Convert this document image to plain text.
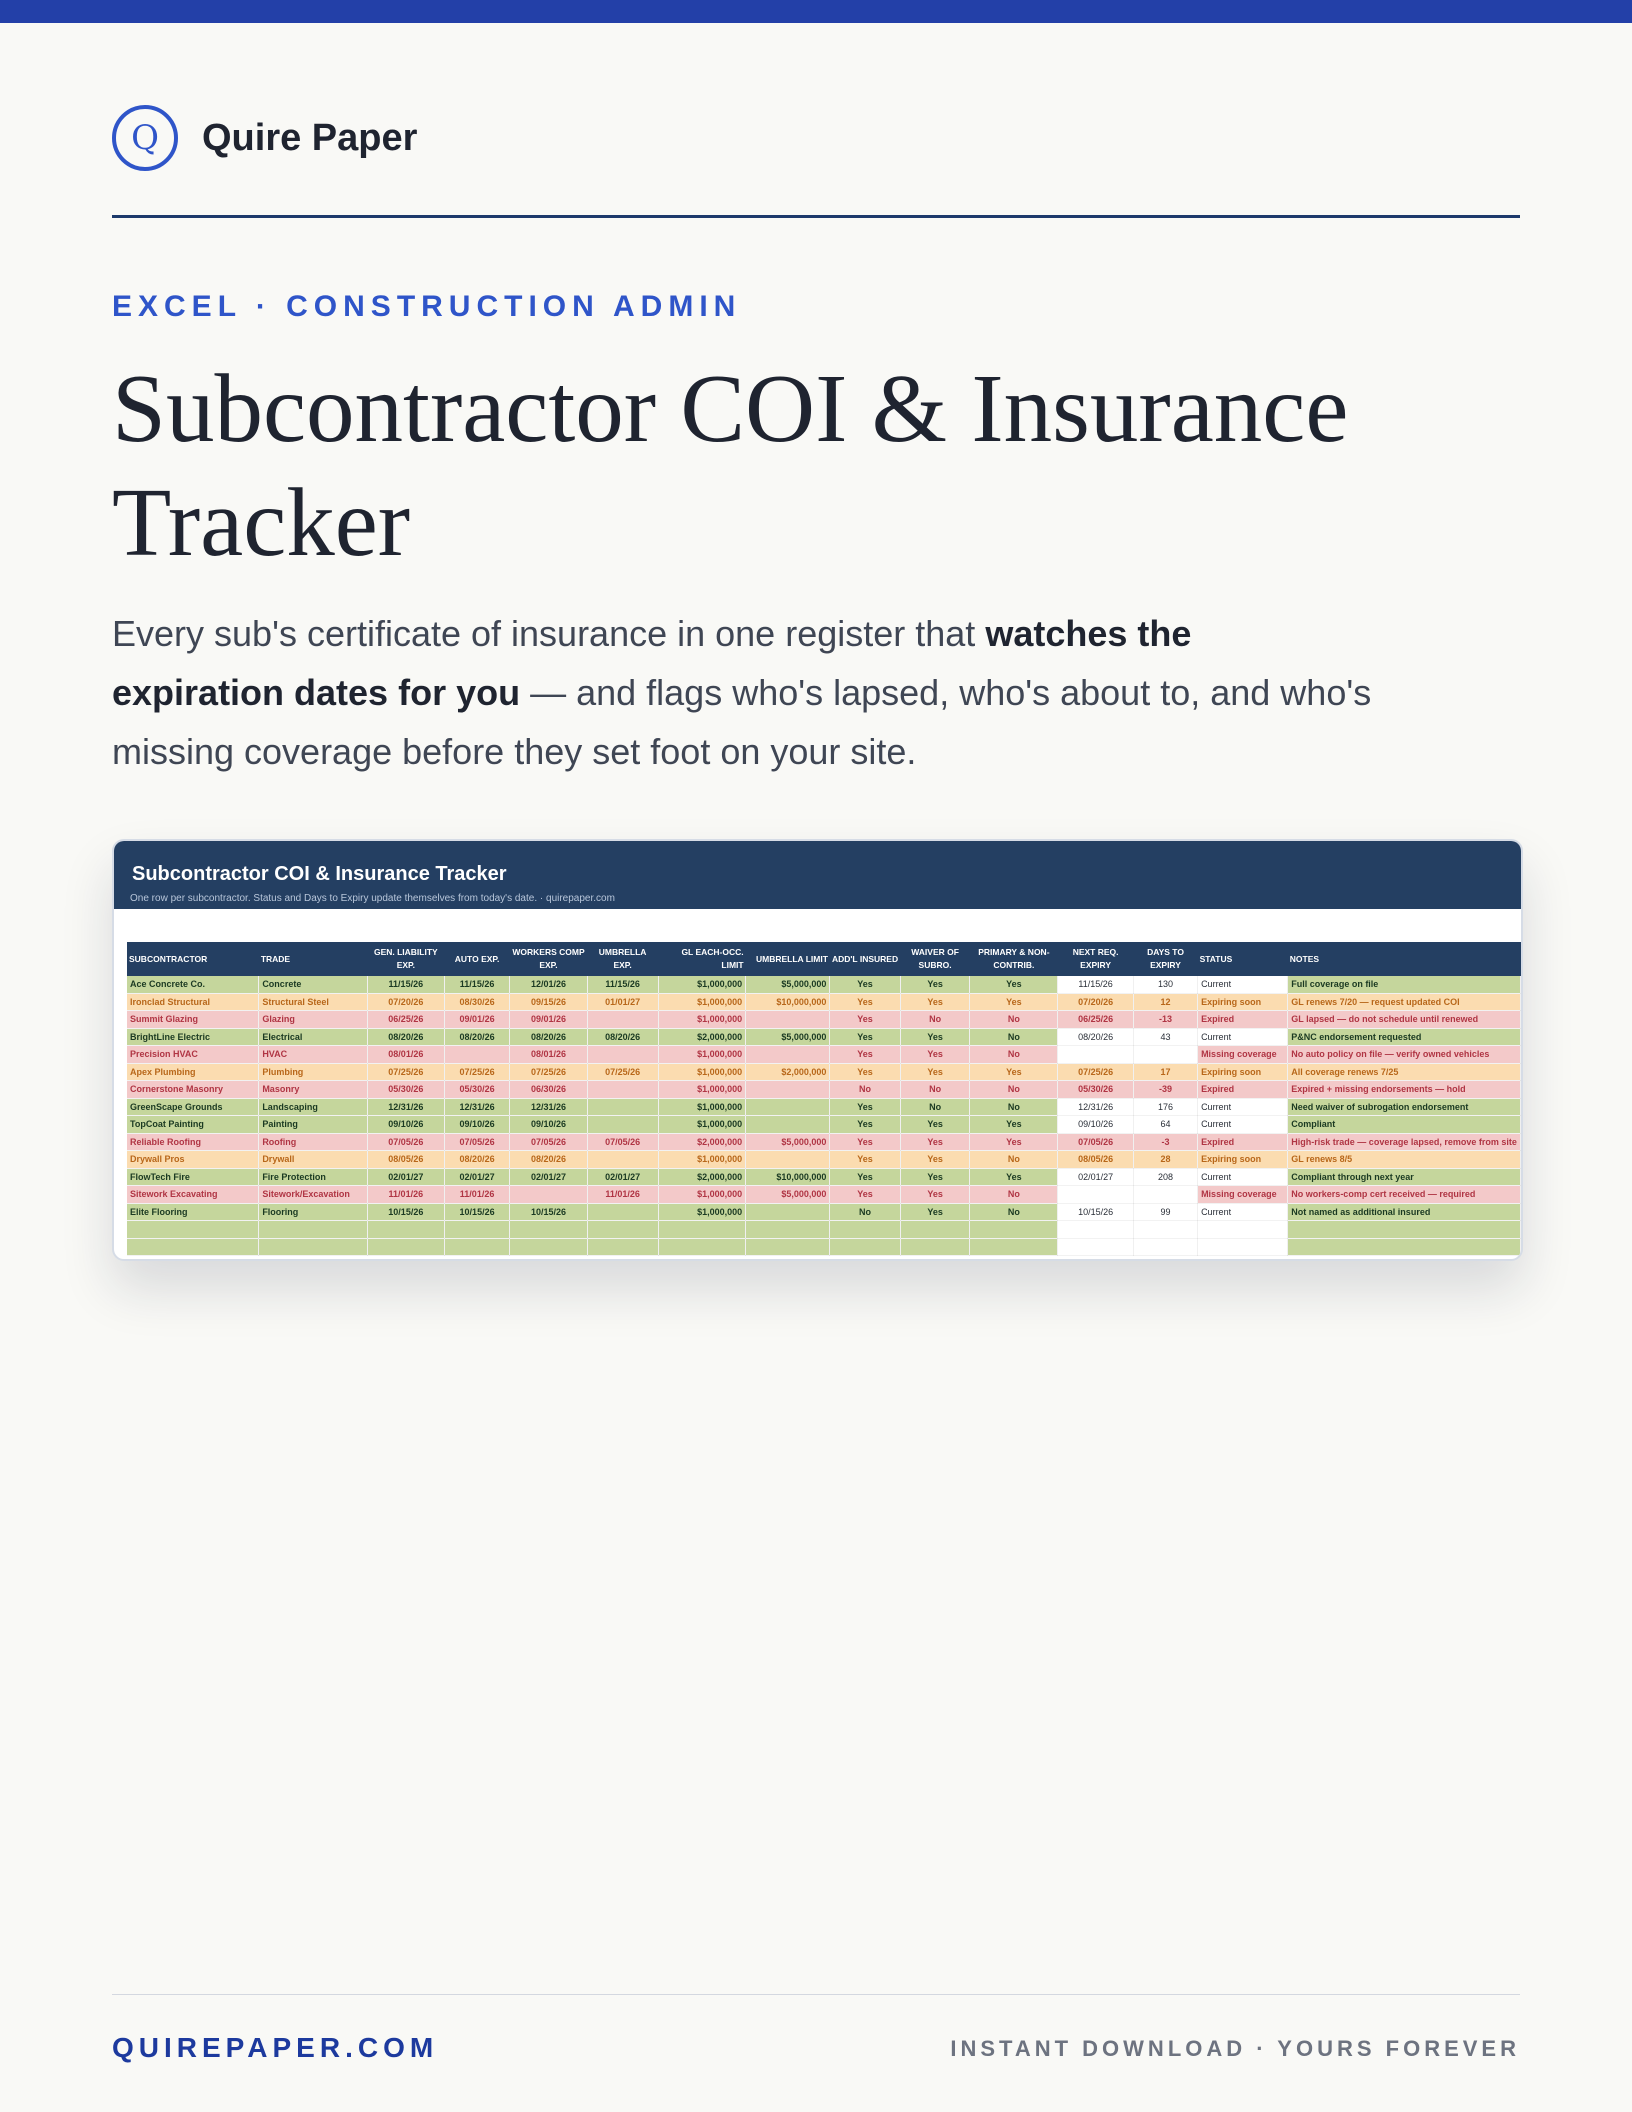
Q Quire Paper
EXCEL · CONSTRUCTION ADMIN
Subcontractor COI & Insurance Tracker
Every sub's certificate of insurance in one register that watches the expiration dates for you — and flags who's lapsed, who's about to, and who's missing coverage before they set foot on your site.
Subcontractor COI & Insurance Tracker
One row per subcontractor. Status and Days to Expiry update themselves from today's date. · quirepaper.com
SUBCONTRACTOR	TRADE	GEN. LIABILITY EXP.	AUTO EXP.	WORKERS COMP EXP.	UMBRELLA EXP.	GL EACH-OCC. LIMIT	UMBRELLA LIMIT	ADD'L INSURED	WAIVER OF SUBRO.	PRIMARY & NON-CONTRIB.	NEXT REQ. EXPIRY	DAYS TO EXPIRY	STATUS	NOTES
Ace Concrete Co.	Concrete	11/15/26	11/15/26	12/01/26	11/15/26	$1,000,000	$5,000,000	Yes	Yes	Yes	11/15/26	130	Current	Full coverage on file
Ironclad Structural	Structural Steel	07/20/26	08/30/26	09/15/26	01/01/27	$1,000,000	$10,000,000	Yes	Yes	Yes	07/20/26	12	Expiring soon	GL renews 7/20 — request updated COI
Summit Glazing	Glazing	06/25/26	09/01/26	09/01/26		$1,000,000		Yes	No	No	06/25/26	-13	Expired	GL lapsed — do not schedule until renewed
BrightLine Electric	Electrical	08/20/26	08/20/26	08/20/26	08/20/26	$2,000,000	$5,000,000	Yes	Yes	No	08/20/26	43	Current	P&NC endorsement requested
Precision HVAC	HVAC	08/01/26		08/01/26		$1,000,000		Yes	Yes	No			Missing coverage	No auto policy on file — verify owned vehicles
Apex Plumbing	Plumbing	07/25/26	07/25/26	07/25/26	07/25/26	$1,000,000	$2,000,000	Yes	Yes	Yes	07/25/26	17	Expiring soon	All coverage renews 7/25
Cornerstone Masonry	Masonry	05/30/26	05/30/26	06/30/26		$1,000,000		No	No	No	05/30/26	-39	Expired	Expired + missing endorsements — hold
GreenScape Grounds	Landscaping	12/31/26	12/31/26	12/31/26		$1,000,000		Yes	No	No	12/31/26	176	Current	Need waiver of subrogation endorsement
TopCoat Painting	Painting	09/10/26	09/10/26	09/10/26		$1,000,000		Yes	Yes	Yes	09/10/26	64	Current	Compliant
Reliable Roofing	Roofing	07/05/26	07/05/26	07/05/26	07/05/26	$2,000,000	$5,000,000	Yes	Yes	Yes	07/05/26	-3	Expired	High-risk trade — coverage lapsed, remove from site
Drywall Pros	Drywall	08/05/26	08/20/26	08/20/26		$1,000,000		Yes	Yes	No	08/05/26	28	Expiring soon	GL renews 8/5
FlowTech Fire	Fire Protection	02/01/27	02/01/27	02/01/27	02/01/27	$2,000,000	$10,000,000	Yes	Yes	Yes	02/01/27	208	Current	Compliant through next year
Sitework Excavating	Sitework/Excavation	11/01/26	11/01/26		11/01/26	$1,000,000	$5,000,000	Yes	Yes	No			Missing coverage	No workers-comp cert received — required
Elite Flooring	Flooring	10/15/26	10/15/26	10/15/26		$1,000,000		No	Yes	No	10/15/26	99	Current	Not named as additional insured

QUIREPAPER.COM	INSTANT DOWNLOAD · YOURS FOREVER
